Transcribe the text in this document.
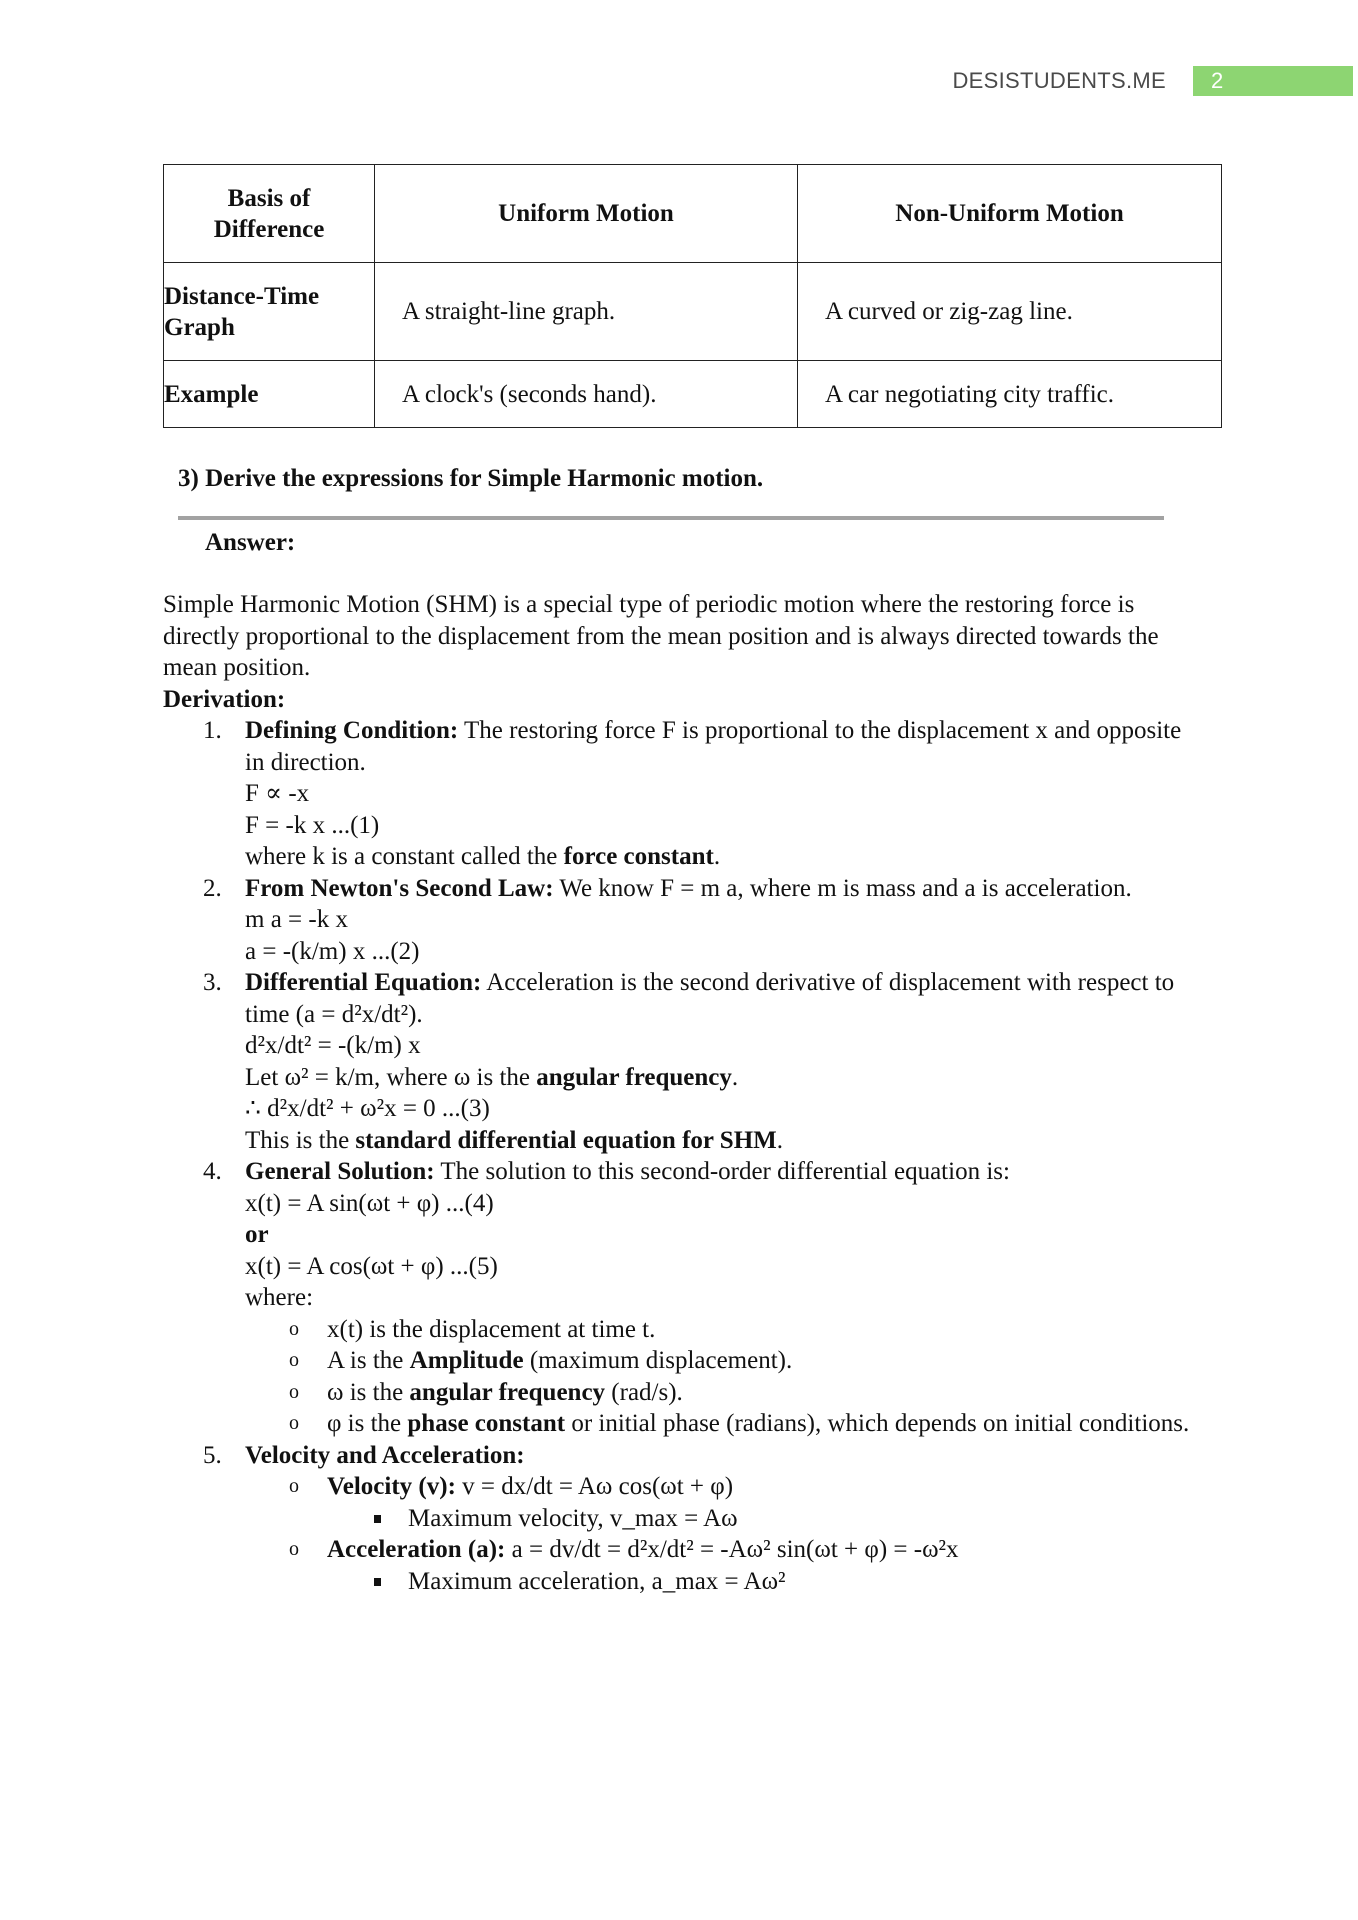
DESISTUDENTS.ME	2
Basis of
Difference	Uniform Motion	Non-Uniform Motion

Distance-Time
Graph	A straight-line graph.	A curved or zig-zag line.
Example	A clock's (seconds hand).	A car negotiating city traffic.
3) Derive the expressions for Simple Harmonic motion.
Answer:

Simple Harmonic Motion (SHM) is a special type of periodic motion where the restoring force is directly proportional to the displacement from the mean position and is always directed towards the mean position.

Derivation:

1. Defining Condition: The restoring force F is proportional to the displacement x and opposite in direction.
F ∝ -x
F = -k x ...(1)
where k is a constant called the force constant.
2. From Newton's Second Law: We know F = m a, where m is mass and a is acceleration.
m a = -k x
a = -(k/m) x ...(2)
3. Differential Equation: Acceleration is the second derivative of displacement with respect to time (a = d²x/dt²).
d²x/dt² = -(k/m) x
Let ω² = k/m, where ω is the angular frequency.
∴ d²x/dt² + ω²x = 0 ...(3)
This is the standard differential equation for SHM.
4. General Solution: The solution to this second-order differential equation is:
x(t) = A sin(ωt + φ) ...(4)
or
x(t) = A cos(ωt + φ) ...(5)
where:
o x(t) is the displacement at time t.
o A is the Amplitude (maximum displacement).
o ω is the angular frequency (rad/s).
o φ is the phase constant or initial phase (radians), which depends on initial conditions.
5. Velocity and Acceleration:
o Velocity (v): v = dx/dt = Aω cos(ωt + φ)
Maximum velocity, v_max = Aω
o Acceleration (a): a = dv/dt = d²x/dt² = -Aω² sin(ωt + φ) = -ω²x
Maximum acceleration, a_max = Aω²
